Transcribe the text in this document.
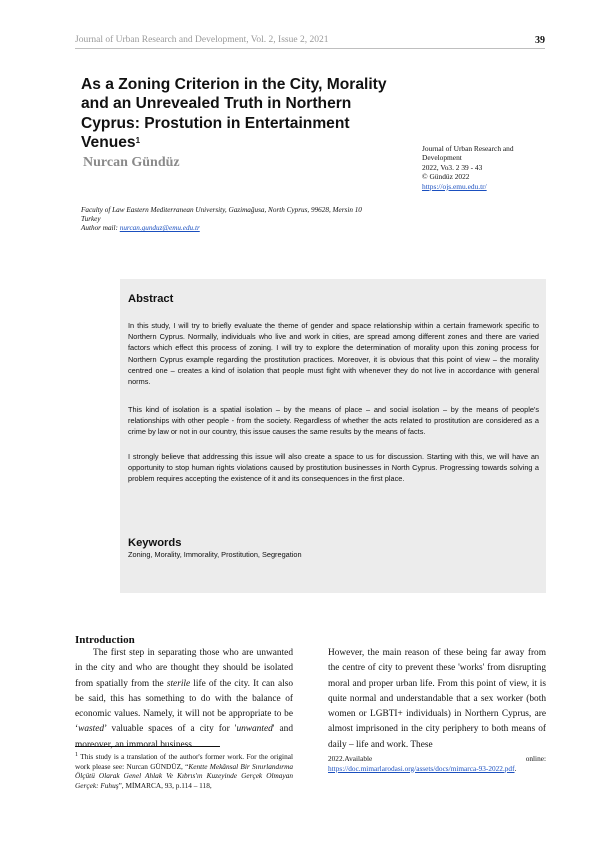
Journal of Urban Research and Development, Vol. 2, Issue 2, 2021	39
As a Zoning Criterion in the City, Morality
and an Unrevealed Truth in Northern
Cyprus: Prostution in Entertainment
Venues$^1$

Nurcan Gündüz

Journal of Urban Research and
Development
2022, Vo3. 2 39 - 43
© Gündüz 2022
https://ojs.emu.edu.tr/
Faculty of Law Eastern Mediterranean University, Gazimağusa, North Cyprus, 99628, Mersin 10
Turkey
Author mail: nurcan.gunduz@emu.edu.tr
Abstract

In this study, I will try to briefly evaluate the theme of gender and space relationship within a certain framework specific to Northern Cyprus. Normally, individuals who live and work in cities, are spread among different zones and there are varied factors which effect this process of zoning. I will try to explore the determination of morality upon this zoning process for Northern Cyprus example regarding the prostitution practices. Moreover, it is obvious that this point of view – the morality centred one – creates a kind of isolation that people must fight with whenever they do not live in accordance with general norms.

This kind of isolation is a spatial isolation – by the means of place – and social isolation – by the means of people's relationships with other people - from the society. Regardless of whether the acts related to prostitution are considered as a crime by law or not in our country, this issue causes the same results by the means of facts.

I strongly believe that addressing this issue will also create a space to us for discussion. Starting with this, we will have an opportunity to stop human rights violations caused by prostitution businesses in North Cyprus. Progressing towards solving a problem requires accepting the existence of it and its consequences in the first place.

Keywords

Zoning, Morality, Immorality, Prostitution, Segregation

Introduction

The first step in separating those who are unwanted in the city and who are thought they should be isolated from spatially from the sterile life of the city. It can also be said, this has something to do with the balance of economic values. Namely, it will not be appropriate to be ‘wasted’ valuable spaces of a city for 'unwanted' and moreover, an immoral business.

However, the main reason of these being far away from the centre of city to prevent these 'works' from disrupting moral and proper urban life. From this point of view, it is quite normal and understandable that a sex worker (both women or LGBTI+ individuals) in Northern Cyprus, are almost imprisoned in the city periphery to both means of daily – life and work. These

$^1$ This study is a translation of the author's former work. For the original work please see: Nurcan GÜNDÜZ, “Kentte Mekânsal Bir Sınırlandırma Ölçütü Olarak Genel Ahlak Ve Kıbrıs'ın Kuzeyinde Gerçek Olmayan Gerçek: Fuhuş”, MİMARCA, 93, p.114 – 118,

2022.Available	online:
https://doc.mimarlarodasi.org/assets/docs/mimarca-93-2022.pdf.
